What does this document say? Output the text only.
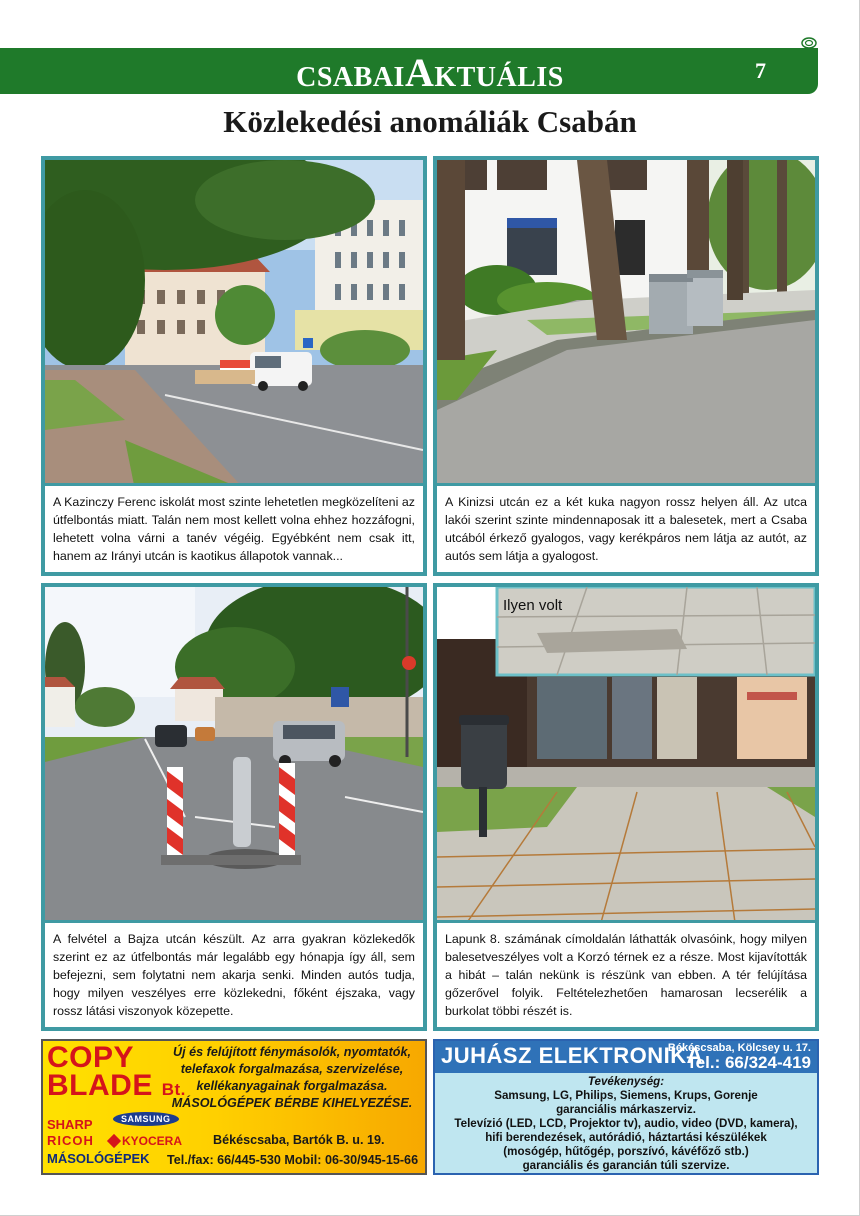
CSABAIAKTUÁLIS	7
Közlekedési anomáliák Csabán
A Kazinczy Ferenc iskolát most szinte lehetetlen megközelíteni az útfelbontás miatt. Talán nem most kellett volna ehhez hozzáfogni, lehetett volna várni a tanév végéig. Egyébként nem csak itt, hanem az Irányi utcán is kaotikus állapotok vannak...
A Kinizsi utcán ez a két kuka nagyon rossz helyen áll. Az utca lakói szerint szinte mindennaposak itt a balesetek, mert a Csaba utcából érkező gyalogos, vagy kerékpáros nem látja az autót, az autós sem látja a gyalogost.
A felvétel a Bajza utcán készült. Az arra gyakran közlekedők szerint ez az útfelbontás már legalább egy hónapja így áll, sem befejezni, sem folytatni nem akarja senki. Minden autós tudja, hogy milyen veszélyes erre közlekedni, főként éjszaka, vagy rossz látási viszonyok közepette.
Ilyen volt
Lapunk 8. számának címoldalán láthatták olvasóink, hogy milyen balesetveszélyes volt a Korzó térnek ez a része. Most kijavították a hibát – talán nekünk is részünk van ebben. A tér felújítása gőzerővel folyik. Feltételezhetően hamarosan lecserélik a burkolat többi részét is.
COPY
BLADE Bt.
Új és felújított fénymásolók, nyomtatók,
telefaxok forgalmazása, szervizelése,
kellékanyagainak forgalmazása.
MÁSOLÓGÉPEK BÉRBE KIHELYEZÉSE.
SHARP	SAMSUNG
RICOH	KYOCERA
MÁSOLÓGÉPEK
Békéscsaba, Bartók B. u. 19.
Tel./fax: 66/445-530 Mobil: 06-30/945-15-66
JUHÁSZ ELEKTRONIKA
Békéscsaba, Kölcsey u. 17.
Tel.: 66/324-419
Tevékenység:
Samsung, LG, Philips, Siemens, Krups, Gorenje
garanciális márkaszerviz.
Televízió (LED, LCD, Projektor tv), audio, video (DVD, kamera),
hifi berendezések, autórádió, háztartási készülékek
(mosógép, hűtőgép, porszívó, kávéfőző stb.)
garanciális és garancián túli szervize.
